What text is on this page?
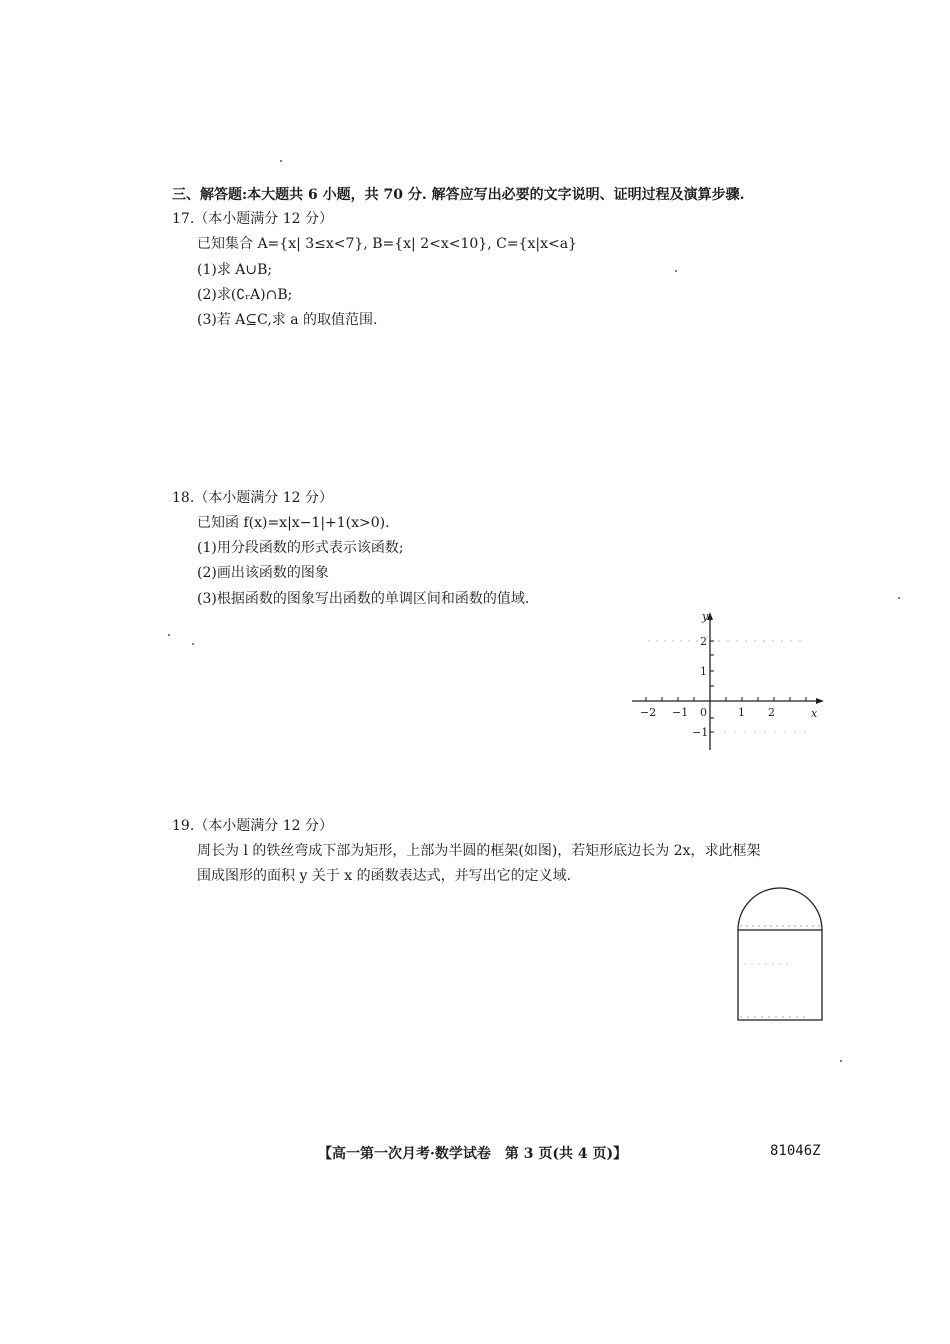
三、解答题:本大题共 6 小题，共 70 分. 解答应写出必要的文字说明、证明过程及演算步骤.
17.（本小题满分 12 分）
已知集合 A={x| 3≤x<7}, B={x| 2<x<10}, C={x|x<a}
(1)求 A∪B;
(2)求(∁ᵣA)∩B;
(3)若 A⊆C,求 a 的取值范围.
18.（本小题满分 12 分）
已知函 f(x)=x|x−1|+1(x>0).
(1)用分段函数的形式表示该函数;
(2)画出该函数的图象
(3)根据函数的图象写出函数的单调区间和函数的值域.
y
x
−2 −1 0	1 2
2
1
−1
19.（本小题满分 12 分）
周长为 l 的铁丝弯成下部为矩形，上部为半圆的框架(如图)，若矩形底边长为 2x，求此框架
围成图形的面积 y 关于 x 的函数表达式，并写出它的定义域.
【高一第一次月考·数学试卷　第 3 页(共 4 页)】	81046Z
